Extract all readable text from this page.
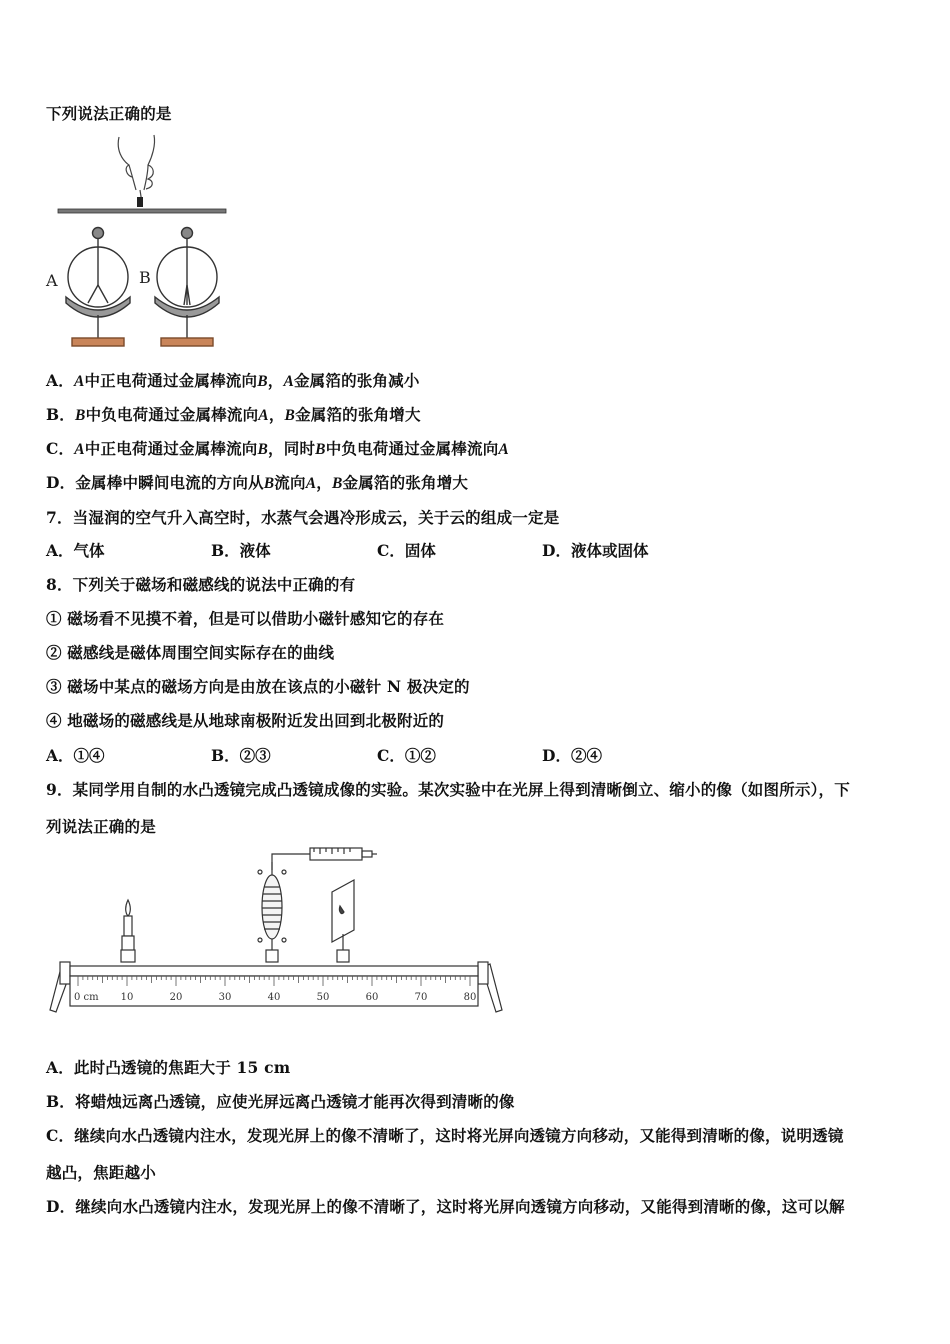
下列说法正确的是
A	B
A．A中正电荷通过金属棒流向B，A金属箔的张角减小
B．B中负电荷通过金属棒流向A，B金属箔的张角增大
C．A中正电荷通过金属棒流向B，同时B中负电荷通过金属棒流向A
D．金属棒中瞬间电流的方向从B流向A，B金属箔的张角增大
7．当湿润的空气升入高空时，水蒸气会遇冷形成云，关于云的组成一定是
A．气体	B．液体	C．固体	D．液体或固体
8．下列关于磁场和磁感线的说法中正确的有
① 磁场看不见摸不着，但是可以借助小磁针感知它的存在
② 磁感线是磁体周围空间实际存在的曲线
③ 磁场中某点的磁场方向是由放在该点的小磁针 N 极决定的
④ 地磁场的磁感线是从地球南极附近发出回到北极附近的
A．①④	B．②③	C．①②	D．②④
9．某同学用自制的水凸透镜完成凸透镜成像的实验。某次实验中在光屏上得到清晰倒立、缩小的像（如图所示），下
列说法正确的是
0 cm 10	20	30	40	50	60	70	80
A．此时凸透镜的焦距大于 15 cm
B．将蜡烛远离凸透镜，应使光屏远离凸透镜才能再次得到清晰的像
C．继续向水凸透镜内注水，发现光屏上的像不清晰了，这时将光屏向透镜方向移动，又能得到清晰的像，说明透镜
越凸，焦距越小
D．继续向水凸透镜内注水，发现光屏上的像不清晰了，这时将光屏向透镜方向移动，又能得到清晰的像，这可以解
